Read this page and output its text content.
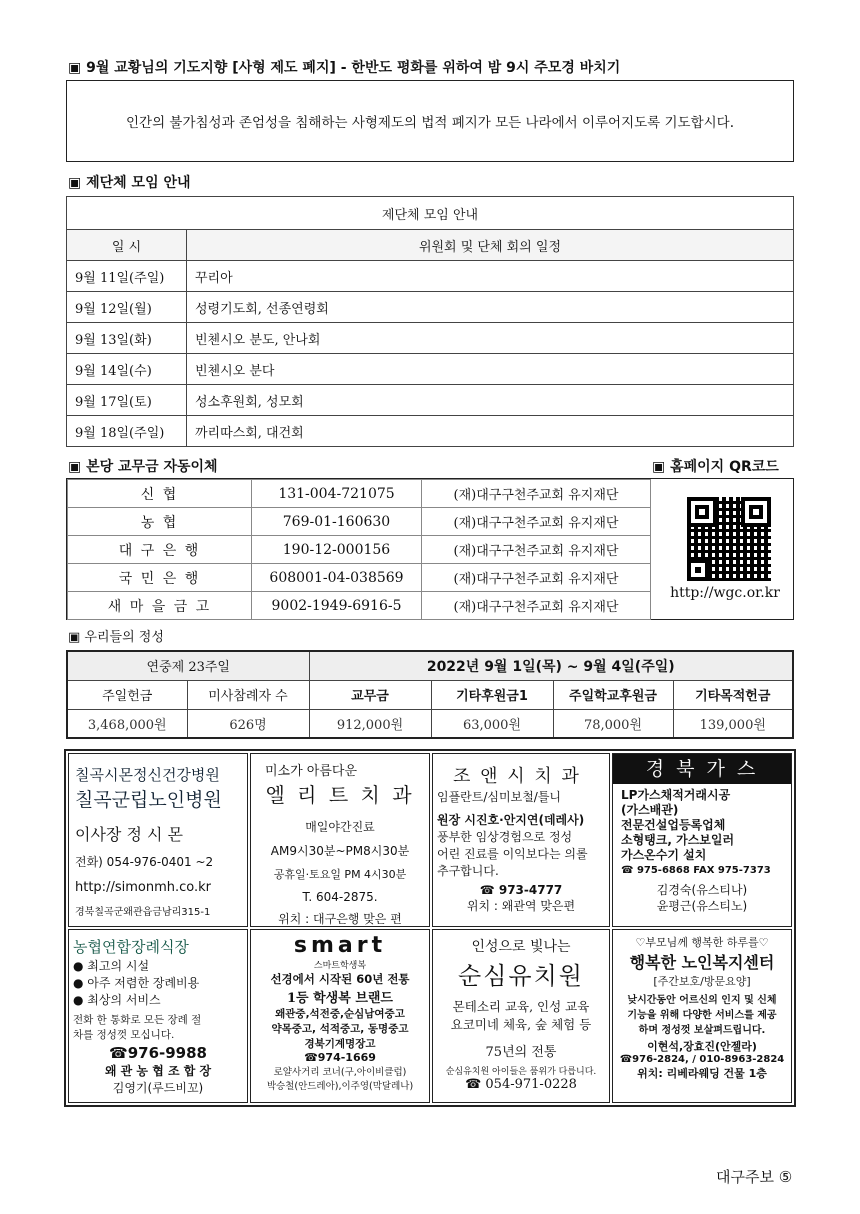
▣ 9월 교황님의 기도지향 [사형 제도 폐지] - 한반도 평화를 위하여 밤 9시 주모경 바치기
인간의 불가침성과 존엄성을 침해하는 사형제도의 법적 폐지가 모든 나라에서 이루어지도록 기도합시다.
▣ 제단체 모임 안내
제단체 모임 안내	
일 시	위원회 및 단체 회의 일정
9월 11일(주일)	꾸리아
9월 12일(월)	성령기도회, 선종연령회
9월 13일(화)	빈첸시오 분도, 안나회
9월 14일(수)	빈첸시오 분다
9월 17일(토)	성소후원회, 성모회
9월 18일(주일)	까리따스회, 대건회
▣ 본당 교무금 자동이체	▣ 홈페이지 QR코드
신 협	131-004-721075	(재)대구구천주교회 유지재단
농 협	769-01-160630	(재)대구구천주교회 유지재단
대 구 은 행	190-12-000156	(재)대구구천주교회 유지재단
국 민 은 행	608001-04-038569	(재)대구구천주교회 유지재단
새 마 을 금 고	9002-1949-6916-5	(재)대구구천주교회 유지재단
http://wgc.or.kr
▣ 우리들의 정성
연중제 23주일		2022년 9월 1일(목) ~ 9월 4일(주일)			
주일헌금	미사참례자 수	교무금	기타후원금1	주일학교후원금	기타목적헌금
3,468,000원	626명	912,000원	63,000원	78,000원	139,000원
칠곡시몬정신건강병원
칠곡군립노인병원
이사장 정 시 몬
전화) 054-976-0401 ~2
http://simonmh.co.kr
경북칠곡군왜관읍금남리315-1
미소가 아름다운
엘 리 트 치 과
매일야간진료
AM9시30분~PM8시30분
공휴일·토요일 PM 4시30분
T. 604-2875.
위치 : 대구은행 맞은 편
조 앤 시 치 과
임플란트/심미보철/틀니
원장 시진호·안지연(데레사)
풍부한 임상경험으로 정성
어린 진료를 이익보다는 의롤
추구합니다.
☎ 973-4777
위치 : 왜관역 맞은편
경 북 가 스
LP가스채적거래시공
(가스배관)
전문건설업등록업체
소형탱크, 가스보일러
가스온수기 설치
☎ 975-6868 FAX 975-7373
김경숙(유스티나)
윤평근(유스티노)
농협연합장례식장
● 최고의 시설
● 아주 저렴한 장례비용
● 최상의 서비스
전화 한 통화로 모든 장례 절
차를 정성껏 모십니다.
☎976-9988
왜 관 농 협 조 합 장
김영기(루드비꼬)
smart
스마트학생복
선경에서 시작된 60년 전통
1등 학생복 브랜드
왜관중,석전중,순심남여중고
약목중고, 석적중고, 동명중고
경북기계명장고
☎974-1669
로얄사거리 코너(구,아이비클럽)
박승철(안드레아),이주영(막달레나)
인성으로 빛나는
순심유치원
몬테소리 교육, 인성 교육
요코미네 체육, 숲 체험 등
75년의 전통
순심유치원 아이들은 품위가 다릅니다.
☎ 054-971-0228
♡부모님께 행복한 하루를♡
행복한 노인복지센터
[주간보호/방문요양]
낮시간동안 어르신의 인지 및 신체
기능을 위해 다양한 서비스를 제공
하며 정성껏 보살펴드립니다.
이현석,장효진(안젤라)
☎976-2824, / 010-8963-2824
위치: 리베라웨딩 건물 1층
대구주보 ⑤
